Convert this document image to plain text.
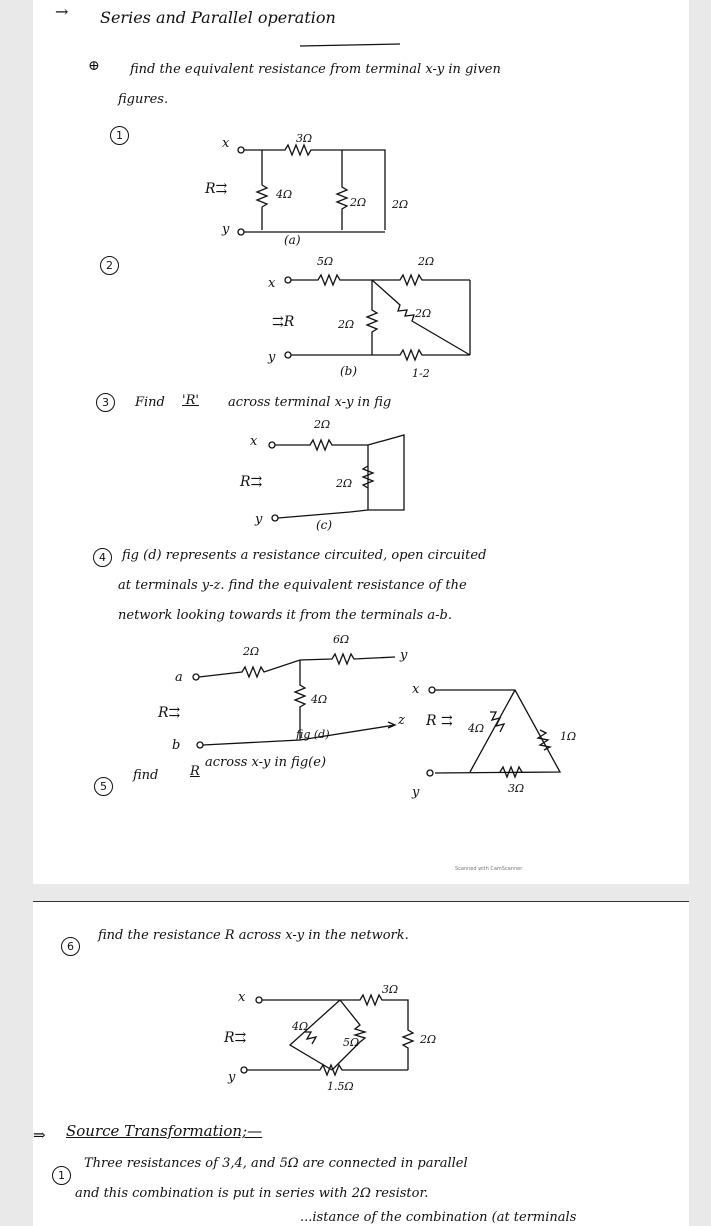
→ Series and Parallel operation
⊕ find the equivalent resistance from terminal x-y in given
figures.
1
x
y
R⇉
3Ω
4Ω
2Ω 2Ω
(a)
2
x
y
⇉R
5Ω	2Ω
2Ω
2Ω
(b)	1-2
3	Find 'R' across terminal x-y in fig
x
y
R⇉
2Ω
2Ω
(c)
4	fig (d) represents a resistance circuited, open circuited
at terminals y-z. find the equivalent resistance of the
network looking towards it from the terminals a-b.
a
b
y
z
R⇉
2Ω
6Ω
4Ω
fig (d)
5
find R
across x-y in fig(e)
x
y
R ⇉ 4Ω
1Ω
3Ω
Scanned with CamScanner
6
find the resistance R across x-y in the network.
x
y
R⇉
4Ω
3Ω
5Ω	2Ω
1.5Ω
⇒ Source Transformation;—
1
Three resistances of 3,4, and 5Ω are connected in parallel
and this combination is put in series with 2Ω resistor.
...istance of the combination (at terminals
